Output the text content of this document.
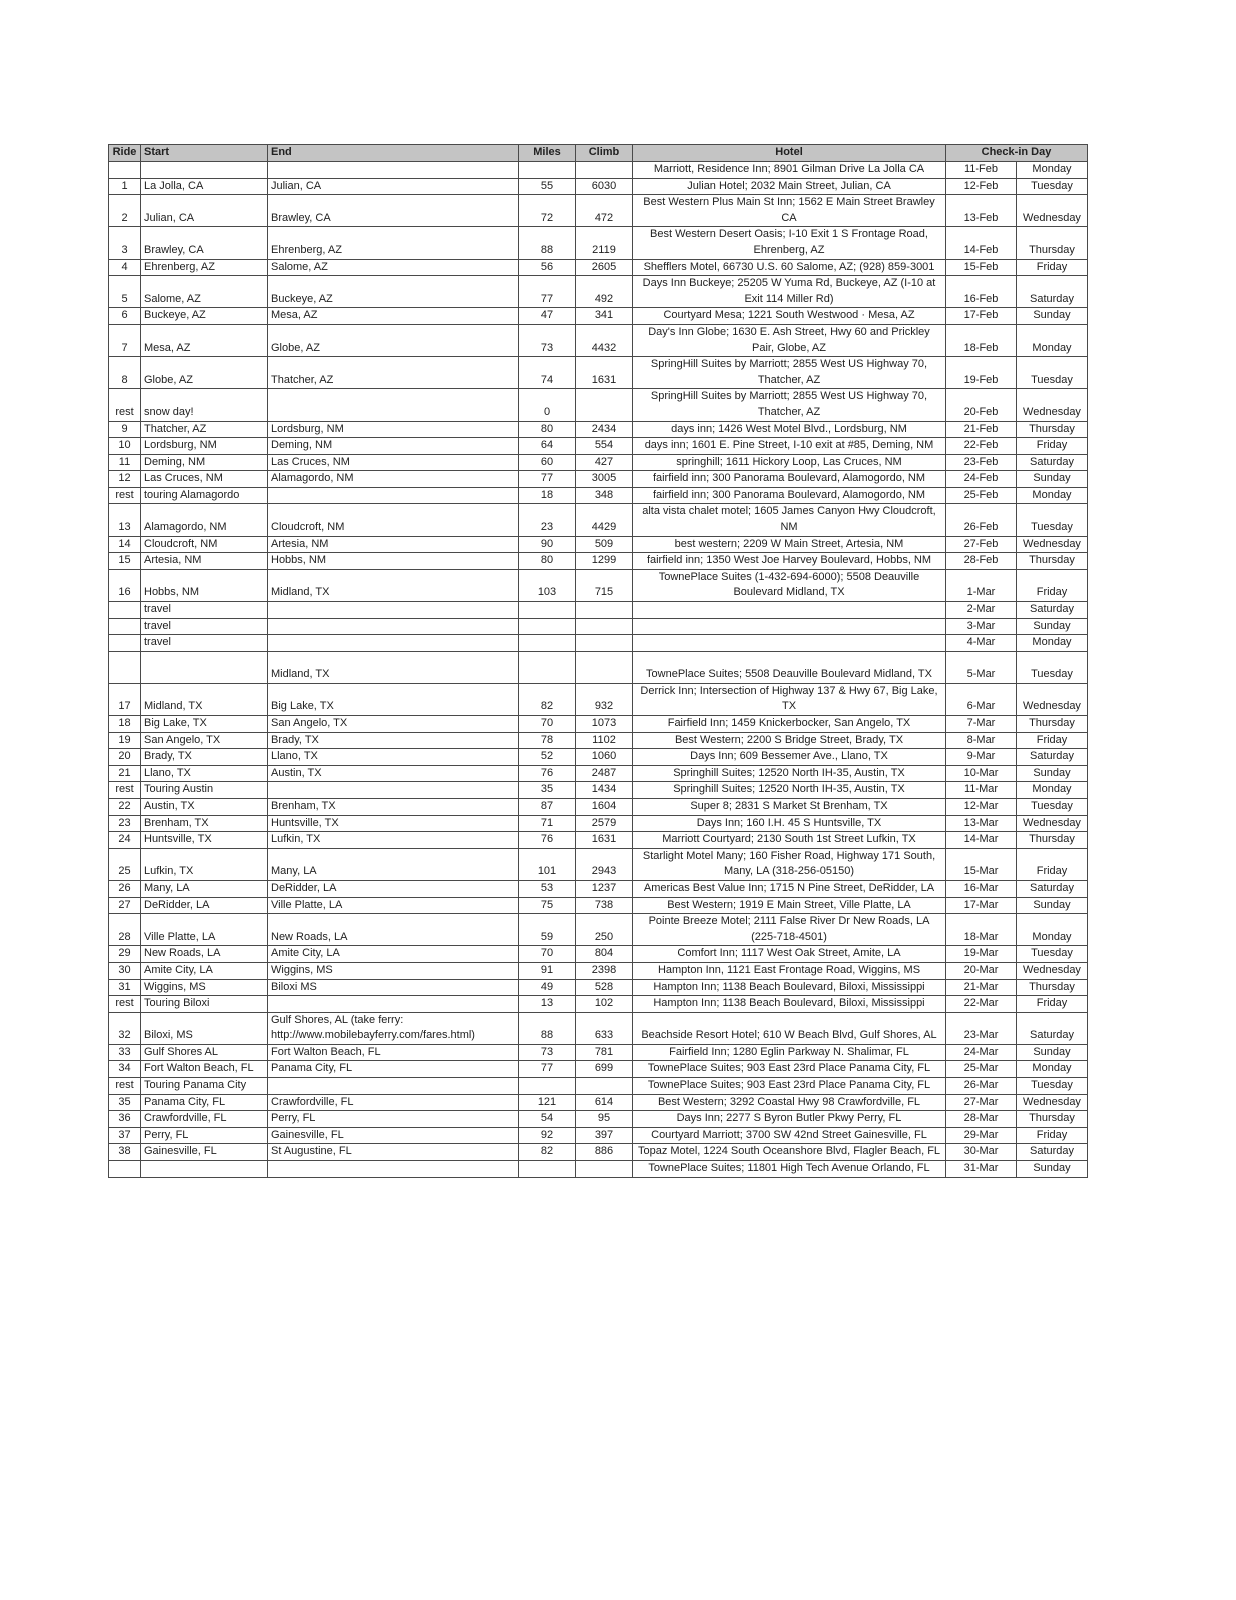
Ride	Start	End	Miles	Climb	Hotel	Check-in Day	
					Marriott, Residence Inn; 8901 Gilman Drive La Jolla CA	11-Feb	Monday
1	La Jolla, CA	Julian, CA	55	6030	Julian Hotel; 2032 Main Street, Julian, CA	12-Feb	Tuesday
2	Julian, CA	Brawley, CA	72	472	Best Western Plus Main St Inn; 1562 E Main Street Brawley CA	13-Feb	Wednesday
3	Brawley, CA	Ehrenberg, AZ	88	2119	Best Western Desert Oasis; I-10 Exit 1 S Frontage Road, Ehrenberg, AZ	14-Feb	Thursday
4	Ehrenberg, AZ	Salome, AZ	56	2605	Shefflers Motel, 66730 U.S. 60 Salome, AZ; (928) 859-3001	15-Feb	Friday
5	Salome, AZ	Buckeye, AZ	77	492	Days Inn Buckeye; 25205 W Yuma Rd, Buckeye, AZ (I-10 at Exit 114 Miller Rd)	16-Feb	Saturday
6	Buckeye, AZ	Mesa, AZ	47	341	Courtyard Mesa; 1221 South Westwood · Mesa, AZ	17-Feb	Sunday
7	Mesa, AZ	Globe, AZ	73	4432	Day's Inn Globe; 1630 E. Ash Street, Hwy 60 and Prickley Pair, Globe, AZ	18-Feb	Monday
8	Globe, AZ	Thatcher, AZ	74	1631	SpringHill Suites by Marriott; 2855 West US Highway 70, Thatcher, AZ	19-Feb	Tuesday
rest	snow day!		0		SpringHill Suites by Marriott; 2855 West US Highway 70, Thatcher, AZ	20-Feb	Wednesday
9	Thatcher, AZ	Lordsburg, NM	80	2434	days inn; 1426 West Motel Blvd., Lordsburg, NM	21-Feb	Thursday
10	Lordsburg, NM	Deming, NM	64	554	days inn; 1601 E. Pine Street, I-10 exit at #85, Deming, NM	22-Feb	Friday
11	Deming, NM	Las Cruces, NM	60	427	springhill; 1611 Hickory Loop, Las Cruces, NM	23-Feb	Saturday
12	Las Cruces, NM	Alamagordo, NM	77	3005	fairfield inn; 300 Panorama Boulevard, Alamogordo, NM	24-Feb	Sunday
rest	touring Alamagordo		18	348	fairfield inn; 300 Panorama Boulevard, Alamogordo, NM	25-Feb	Monday
13	Alamagordo, NM	Cloudcroft, NM	23	4429	alta vista chalet motel; 1605 James Canyon Hwy Cloudcroft, NM	26-Feb	Tuesday
14	Cloudcroft, NM	Artesia, NM	90	509	best western; 2209 W Main Street, Artesia, NM	27-Feb	Wednesday
15	Artesia, NM	Hobbs, NM	80	1299	fairfield inn; 1350 West Joe Harvey Boulevard, Hobbs, NM	28-Feb	Thursday
16	Hobbs, NM	Midland, TX	103	715	TownePlace Suites (1-432-694-6000); 5508 Deauville Boulevard Midland, TX	1-Mar	Friday
	travel					2-Mar	Saturday
	travel					3-Mar	Sunday
	travel					4-Mar	Monday
		Midland, TX			TownePlace Suites; 5508 Deauville Boulevard Midland, TX	5-Mar	Tuesday
17	Midland, TX	Big Lake, TX	82	932	Derrick Inn; Intersection of Highway 137 & Hwy 67, Big Lake, TX	6-Mar	Wednesday
18	Big Lake, TX	San Angelo, TX	70	1073	Fairfield Inn; 1459 Knickerbocker, San Angelo, TX	7-Mar	Thursday
19	San Angelo, TX	Brady, TX	78	1102	Best Western; 2200 S Bridge Street, Brady, TX	8-Mar	Friday
20	Brady, TX	Llano, TX	52	1060	Days Inn; 609 Bessemer Ave., Llano, TX	9-Mar	Saturday
21	Llano, TX	Austin, TX	76	2487	Springhill Suites; 12520 North IH-35, Austin, TX	10-Mar	Sunday
rest	Touring Austin		35	1434	Springhill Suites; 12520 North IH-35, Austin, TX	11-Mar	Monday
22	Austin, TX	Brenham, TX	87	1604	Super 8; 2831 S Market St Brenham, TX	12-Mar	Tuesday
23	Brenham, TX	Huntsville, TX	71	2579	Days Inn; 160 I.H. 45 S Huntsville, TX	13-Mar	Wednesday
24	Huntsville, TX	Lufkin, TX	76	1631	Marriott Courtyard; 2130 South 1st Street Lufkin, TX	14-Mar	Thursday
25	Lufkin, TX	Many, LA	101	2943	Starlight Motel Many; 160 Fisher Road, Highway 171 South, Many, LA (318-256-05150)	15-Mar	Friday
26	Many, LA	DeRidder, LA	53	1237	Americas Best Value Inn; 1715 N Pine Street, DeRidder, LA	16-Mar	Saturday
27	DeRidder, LA	Ville Platte, LA	75	738	Best Western; 1919 E Main Street, Ville Platte, LA	17-Mar	Sunday
28	Ville Platte, LA	New Roads, LA	59	250	Pointe Breeze Motel; 2111 False River Dr New Roads, LA (225-718-4501)	18-Mar	Monday
29	New Roads, LA	Amite City, LA	70	804	Comfort Inn; 1117 West Oak Street, Amite, LA	19-Mar	Tuesday
30	Amite City, LA	Wiggins, MS	91	2398	Hampton Inn, 1121 East Frontage Road, Wiggins, MS	20-Mar	Wednesday
31	Wiggins, MS	Biloxi MS	49	528	Hampton Inn; 1138 Beach Boulevard, Biloxi, Mississippi	21-Mar	Thursday
rest	Touring Biloxi		13	102	Hampton Inn; 1138 Beach Boulevard, Biloxi, Mississippi	22-Mar	Friday
32	Biloxi, MS	Gulf Shores, AL (take ferry: http://www.mobilebayferry.com/fares.html)	88	633	Beachside Resort Hotel; 610 W Beach Blvd, Gulf Shores, AL	23-Mar	Saturday
33	Gulf Shores AL	Fort Walton Beach, FL	73	781	Fairfield Inn; 1280 Eglin Parkway N. Shalimar, FL	24-Mar	Sunday
34	Fort Walton Beach, FL	Panama City, FL	77	699	TownePlace Suites; 903 East 23rd Place Panama City, FL	25-Mar	Monday
rest	Touring Panama City				TownePlace Suites; 903 East 23rd Place Panama City, FL	26-Mar	Tuesday
35	Panama City, FL	Crawfordville, FL	121	614	Best Western; 3292 Coastal Hwy 98 Crawfordville, FL	27-Mar	Wednesday
36	Crawfordville, FL	Perry, FL	54	95	Days Inn; 2277 S Byron Butler Pkwy Perry, FL	28-Mar	Thursday
37	Perry, FL	Gainesville, FL	92	397	Courtyard Marriott; 3700 SW 42nd Street Gainesville, FL	29-Mar	Friday
38	Gainesville, FL	St Augustine, FL	82	886	Topaz Motel, 1224 South Oceanshore Blvd, Flagler Beach, FL	30-Mar	Saturday
					TownePlace Suites; 11801 High Tech Avenue Orlando, FL	31-Mar	Sunday
